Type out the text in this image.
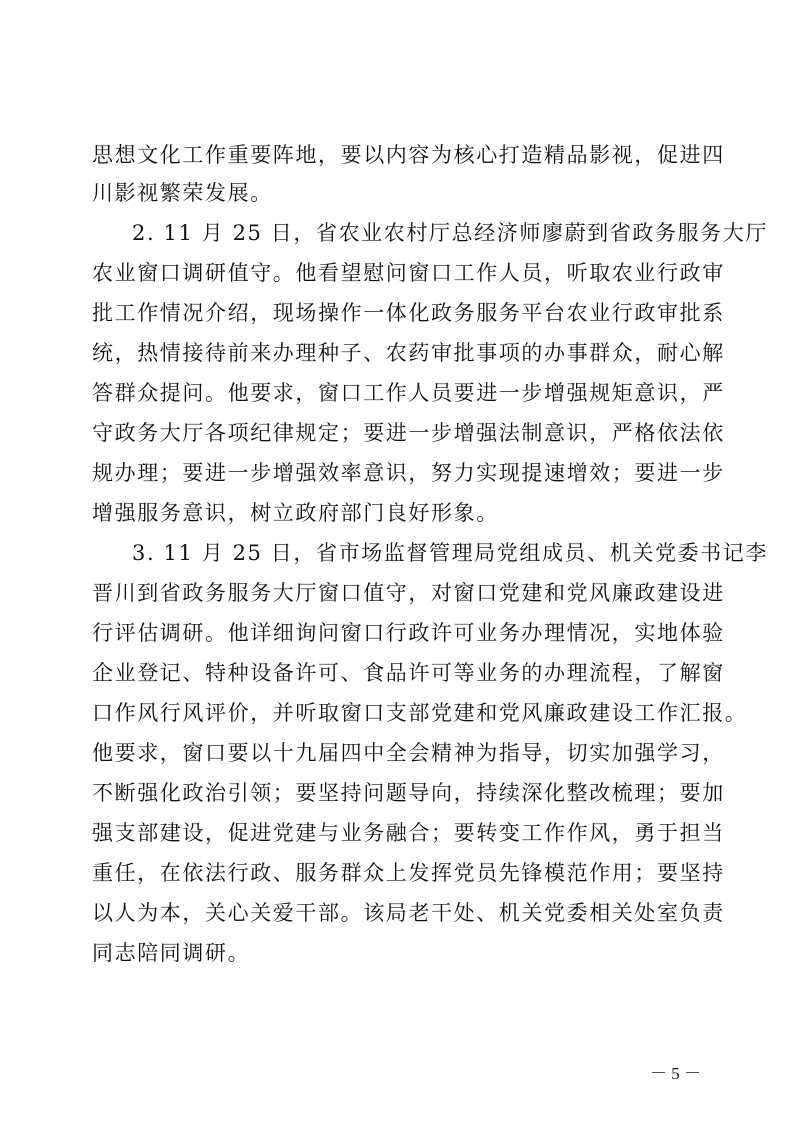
思想文化工作重要阵地，要以内容为核心打造精品影视，促进四
川影视繁荣发展。
2. 11 月 25 日，省农业农村厅总经济师廖蔚到省政务服务大厅
农业窗口调研值守。他看望慰问窗口工作人员，听取农业行政审
批工作情况介绍，现场操作一体化政务服务平台农业行政审批系
统，热情接待前来办理种子、农药审批事项的办事群众，耐心解
答群众提问。他要求，窗口工作人员要进一步增强规矩意识，严
守政务大厅各项纪律规定；要进一步增强法制意识，严格依法依
规办理；要进一步增强效率意识，努力实现提速增效；要进一步
增强服务意识，树立政府部门良好形象。
3. 11 月 25 日，省市场监督管理局党组成员、机关党委书记李
晋川到省政务服务大厅窗口值守，对窗口党建和党风廉政建设进
行评估调研。他详细询问窗口行政许可业务办理情况，实地体验
企业登记、特种设备许可、食品许可等业务的办理流程，了解窗
口作风行风评价，并听取窗口支部党建和党风廉政建设工作汇报。
他要求，窗口要以十九届四中全会精神为指导，切实加强学习，
不断强化政治引领；要坚持问题导向，持续深化整改梳理；要加
强支部建设，促进党建与业务融合；要转变工作作风，勇于担当
重任，在依法行政、服务群众上发挥党员先锋模范作用；要坚持
以人为本，关心关爱干部。该局老干处、机关党委相关处室负责
同志陪同调研。
－ 5 －
